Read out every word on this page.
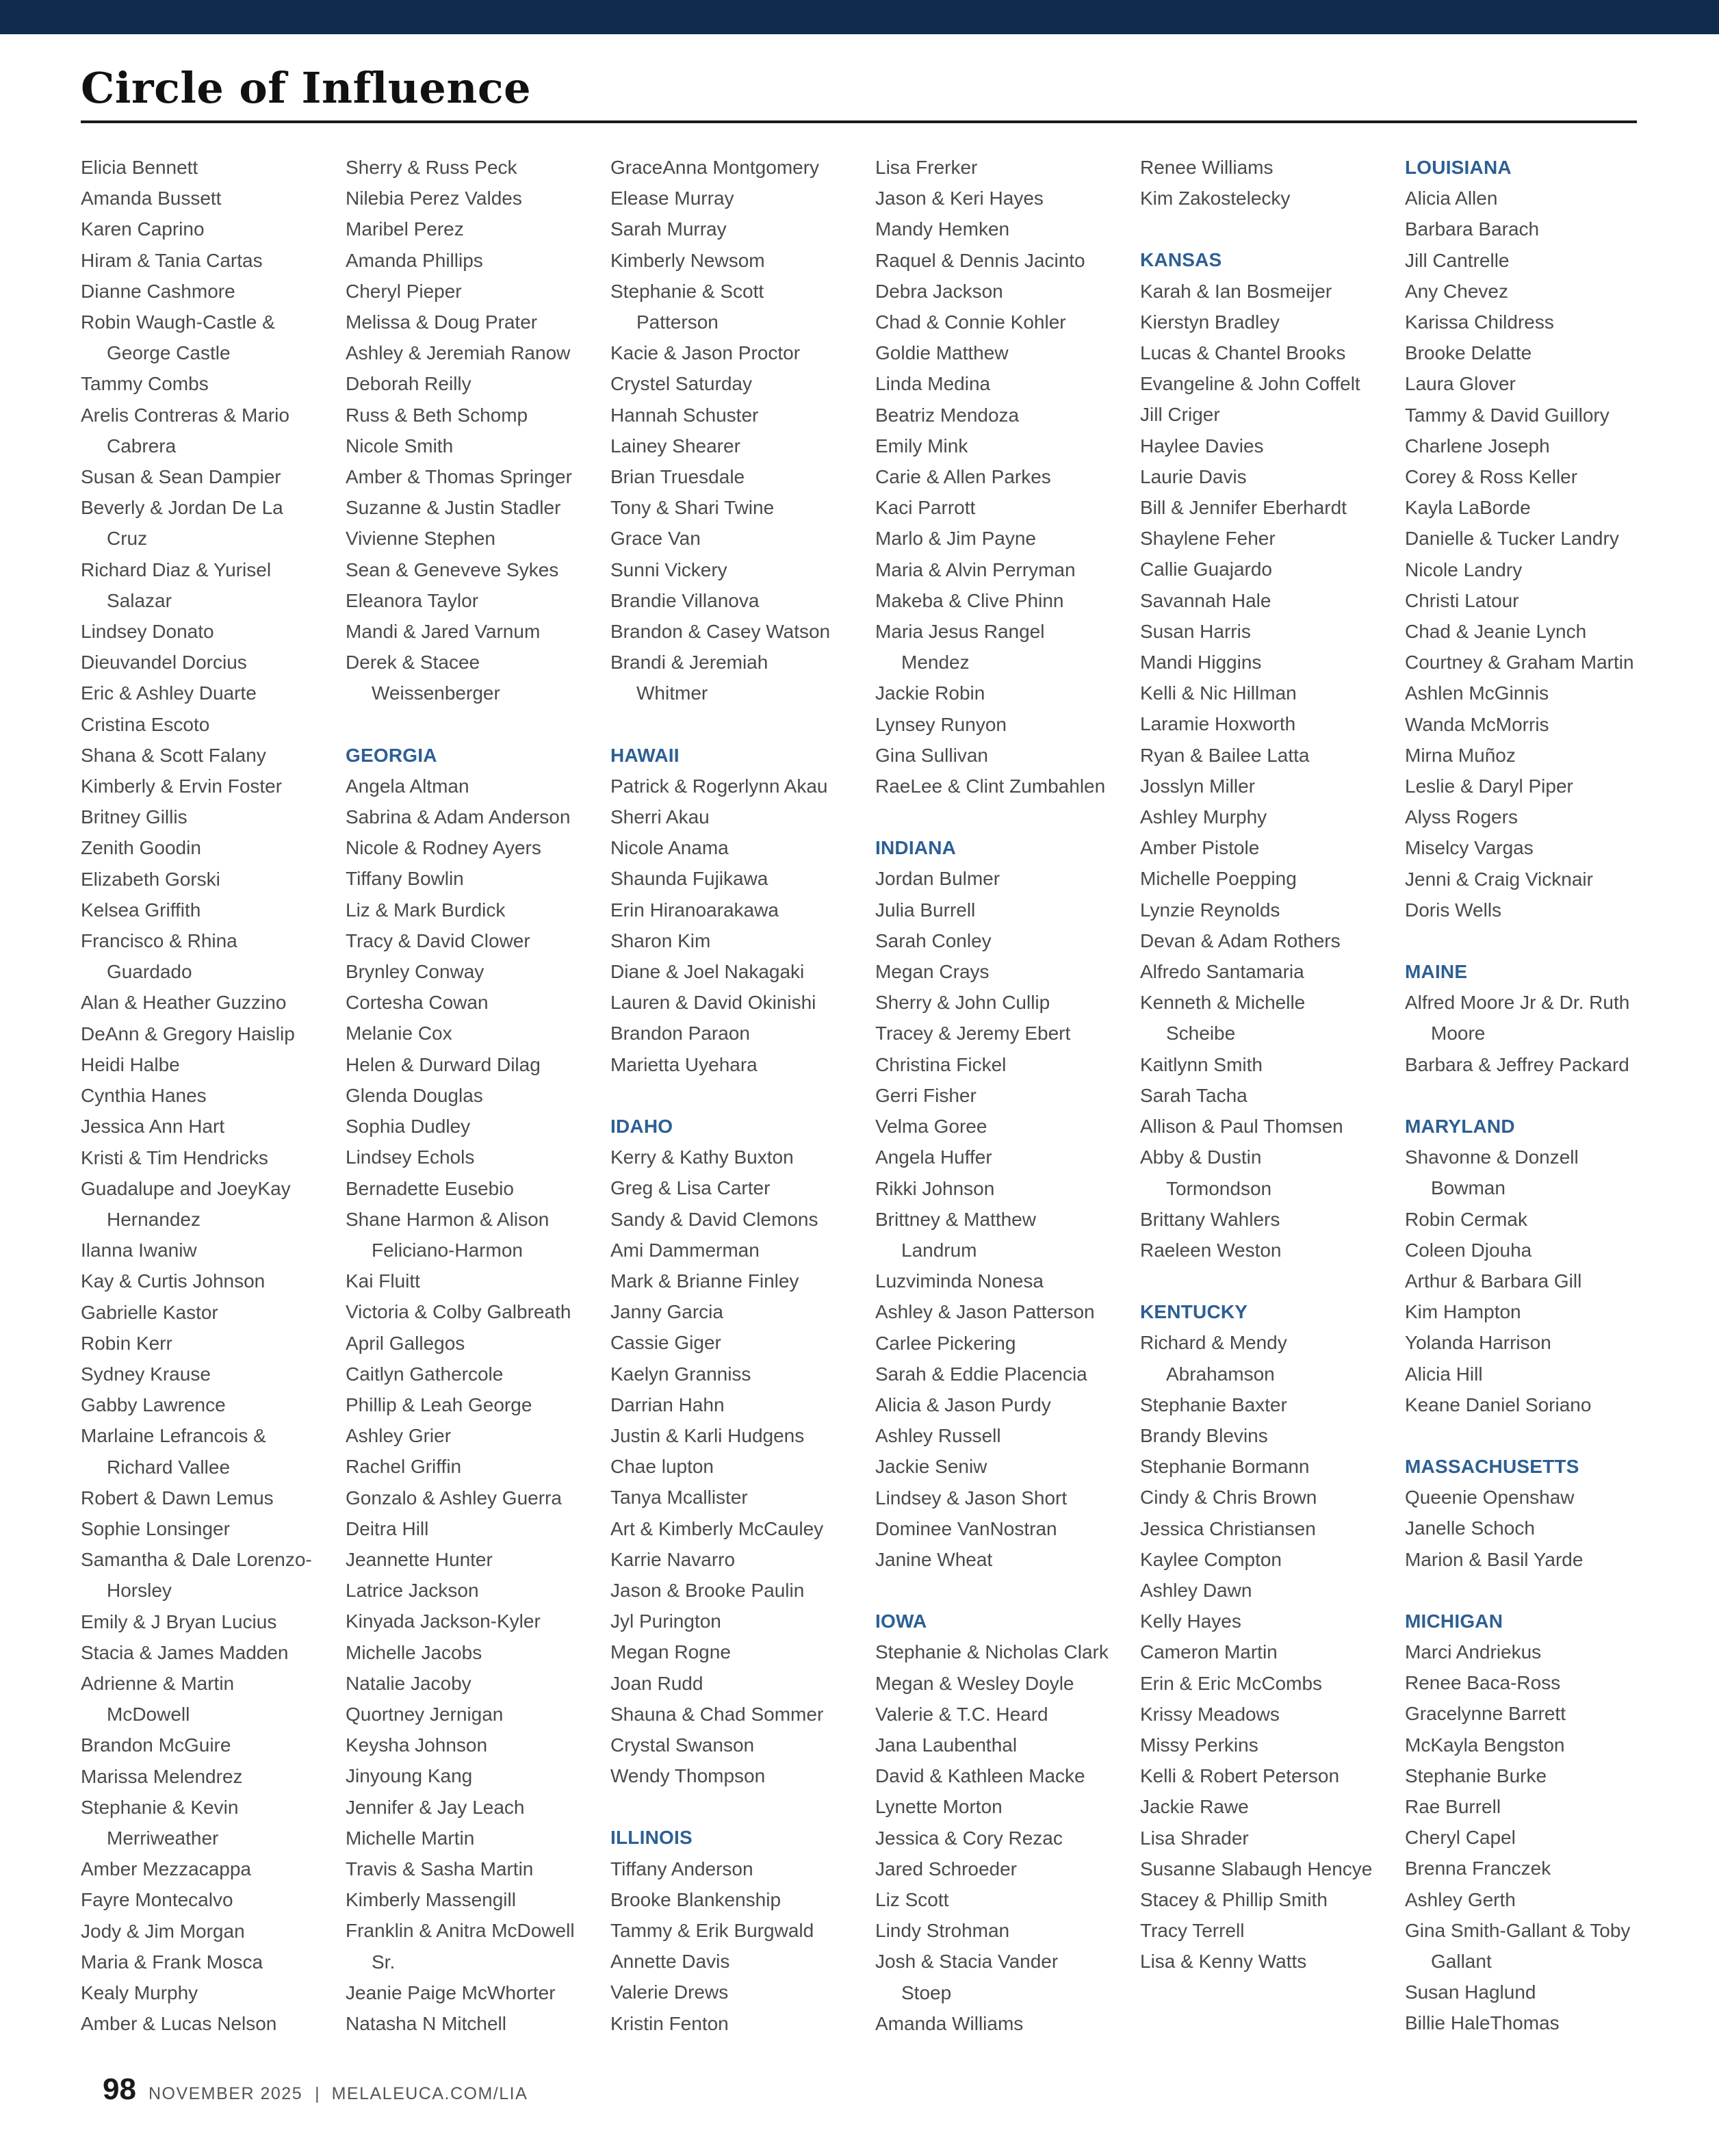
Circle of Influence
Elicia Bennett
Amanda Bussett
Karen Caprino
Hiram & Tania Cartas
Dianne Cashmore
Robin Waugh-Castle &
George Castle
Tammy Combs
Arelis Contreras & Mario
Cabrera
Susan & Sean Dampier
Beverly & Jordan De La
Cruz
Richard Diaz & Yurisel
Salazar
Lindsey Donato
Dieuvandel Dorcius
Eric & Ashley Duarte
Cristina Escoto
Shana & Scott Falany
Kimberly & Ervin Foster
Britney Gillis
Zenith Goodin
Elizabeth Gorski
Kelsea Griffith
Francisco & Rhina
Guardado
Alan & Heather Guzzino
DeAnn & Gregory Haislip
Heidi Halbe
Cynthia Hanes
Jessica Ann Hart
Kristi & Tim Hendricks
Guadalupe and JoeyKay
Hernandez
Ilanna Iwaniw
Kay & Curtis Johnson
Gabrielle Kastor
Robin Kerr
Sydney Krause
Gabby Lawrence
Marlaine Lefrancois &
Richard Vallee
Robert & Dawn Lemus
Sophie Lonsinger
Samantha & Dale Lorenzo-
Horsley
Emily & J Bryan Lucius
Stacia & James Madden
Adrienne & Martin
McDowell
Brandon McGuire
Marissa Melendrez
Stephanie & Kevin
Merriweather
Amber Mezzacappa
Fayre Montecalvo
Jody & Jim Morgan
Maria & Frank Mosca
Kealy Murphy
Amber & Lucas Nelson
Sherry & Russ Peck
Nilebia Perez Valdes
Maribel Perez
Amanda Phillips
Cheryl Pieper
Melissa & Doug Prater
Ashley & Jeremiah Ranow
Deborah Reilly
Russ & Beth Schomp
Nicole Smith
Amber & Thomas Springer
Suzanne & Justin Stadler
Vivienne Stephen
Sean & Geneveve Sykes
Eleanora Taylor
Mandi & Jared Varnum
Derek & Stacee
Weissenberger
GEORGIA
Angela Altman
Sabrina & Adam Anderson
Nicole & Rodney Ayers
Tiffany Bowlin
Liz & Mark Burdick
Tracy & David Clower
Brynley Conway
Cortesha Cowan
Melanie Cox
Helen & Durward Dilag
Glenda Douglas
Sophia Dudley
Lindsey Echols
Bernadette Eusebio
Shane Harmon & Alison
Feliciano-Harmon
Kai Fluitt
Victoria & Colby Galbreath
April Gallegos
Caitlyn Gathercole
Phillip & Leah George
Ashley Grier
Rachel Griffin
Gonzalo & Ashley Guerra
Deitra Hill
Jeannette Hunter
Latrice Jackson
Kinyada Jackson-Kyler
Michelle Jacobs
Natalie Jacoby
Quortney Jernigan
Keysha Johnson
Jinyoung Kang
Jennifer & Jay Leach
Michelle Martin
Travis & Sasha Martin
Kimberly Massengill
Franklin & Anitra McDowell
Sr.
Jeanie Paige McWhorter
Natasha N Mitchell
GraceAnna Montgomery
Elease Murray
Sarah Murray
Kimberly Newsom
Stephanie & Scott
Patterson
Kacie & Jason Proctor
Crystel Saturday
Hannah Schuster
Lainey Shearer
Brian Truesdale
Tony & Shari Twine
Grace Van
Sunni Vickery
Brandie Villanova
Brandon & Casey Watson
Brandi & Jeremiah
Whitmer
HAWAII
Patrick & Rogerlynn Akau
Sherri Akau
Nicole Anama
Shaunda Fujikawa
Erin Hiranoarakawa
Sharon Kim
Diane & Joel Nakagaki
Lauren & David Okinishi
Brandon Paraon
Marietta Uyehara
IDAHO
Kerry & Kathy Buxton
Greg & Lisa Carter
Sandy & David Clemons
Ami Dammerman
Mark & Brianne Finley
Janny Garcia
Cassie Giger
Kaelyn Granniss
Darrian Hahn
Justin & Karli Hudgens
Chae lupton
Tanya Mcallister
Art & Kimberly McCauley
Karrie Navarro
Jason & Brooke Paulin
Jyl Purington
Megan Rogne
Joan Rudd
Shauna & Chad Sommer
Crystal Swanson
Wendy Thompson
ILLINOIS
Tiffany Anderson
Brooke Blankenship
Tammy & Erik Burgwald
Annette Davis
Valerie Drews
Kristin Fenton
Lisa Frerker
Jason & Keri Hayes
Mandy Hemken
Raquel & Dennis Jacinto
Debra Jackson
Chad & Connie Kohler
Goldie Matthew
Linda Medina
Beatriz Mendoza
Emily Mink
Carie & Allen Parkes
Kaci Parrott
Marlo & Jim Payne
Maria & Alvin Perryman
Makeba & Clive Phinn
Maria Jesus Rangel
Mendez
Jackie Robin
Lynsey Runyon
Gina Sullivan
RaeLee & Clint Zumbahlen
INDIANA
Jordan Bulmer
Julia Burrell
Sarah Conley
Megan Crays
Sherry & John Cullip
Tracey & Jeremy Ebert
Christina Fickel
Gerri Fisher
Velma Goree
Angela Huffer
Rikki Johnson
Brittney & Matthew
Landrum
Luzviminda Nonesa
Ashley & Jason Patterson
Carlee Pickering
Sarah & Eddie Placencia
Alicia & Jason Purdy
Ashley Russell
Jackie Seniw
Lindsey & Jason Short
Dominee VanNostran
Janine Wheat
IOWA
Stephanie & Nicholas Clark
Megan & Wesley Doyle
Valerie & T.C. Heard
Jana Laubenthal
David & Kathleen Macke
Lynette Morton
Jessica & Cory Rezac
Jared Schroeder
Liz Scott
Lindy Strohman
Josh & Stacia Vander
Stoep
Amanda Williams
Renee Williams
Kim Zakostelecky
KANSAS
Karah & Ian Bosmeijer
Kierstyn Bradley
Lucas & Chantel Brooks
Evangeline & John Coffelt
Jill Criger
Haylee Davies
Laurie Davis
Bill & Jennifer Eberhardt
Shaylene Feher
Callie Guajardo
Savannah Hale
Susan Harris
Mandi Higgins
Kelli & Nic Hillman
Laramie Hoxworth
Ryan & Bailee Latta
Josslyn Miller
Ashley Murphy
Amber Pistole
Michelle Poepping
Lynzie Reynolds
Devan & Adam Rothers
Alfredo Santamaria
Kenneth & Michelle
Scheibe
Kaitlynn Smith
Sarah Tacha
Allison & Paul Thomsen
Abby & Dustin
Tormondson
Brittany Wahlers
Raeleen Weston
KENTUCKY
Richard & Mendy
Abrahamson
Stephanie Baxter
Brandy Blevins
Stephanie Bormann
Cindy & Chris Brown
Jessica Christiansen
Kaylee Compton
Ashley Dawn
Kelly Hayes
Cameron Martin
Erin & Eric McCombs
Krissy Meadows
Missy Perkins
Kelli & Robert Peterson
Jackie Rawe
Lisa Shrader
Susanne Slabaugh Hencye
Stacey & Phillip Smith
Tracy Terrell
Lisa & Kenny Watts
LOUISIANA
Alicia Allen
Barbara Barach
Jill Cantrelle
Any Chevez
Karissa Childress
Brooke Delatte
Laura Glover
Tammy & David Guillory
Charlene Joseph
Corey & Ross Keller
Kayla LaBorde
Danielle & Tucker Landry
Nicole Landry
Christi Latour
Chad & Jeanie Lynch
Courtney & Graham Martin
Ashlen McGinnis
Wanda McMorris
Mirna Muñoz
Leslie & Daryl Piper
Alyss Rogers
Miselcy Vargas
Jenni & Craig Vicknair
Doris Wells
MAINE
Alfred Moore Jr & Dr. Ruth
Moore
Barbara & Jeffrey Packard
MARYLAND
Shavonne & Donzell
Bowman
Robin Cermak
Coleen Djouha
Arthur & Barbara Gill
Kim Hampton
Yolanda Harrison
Alicia Hill
Keane Daniel Soriano
MASSACHUSETTS
Queenie Openshaw
Janelle Schoch
Marion & Basil Yarde
MICHIGAN
Marci Andriekus
Renee Baca-Ross
Gracelynne Barrett
McKayla Bengston
Stephanie Burke
Rae Burrell
Cheryl Capel
Brenna Franczek
Ashley Gerth
Gina Smith-Gallant & Toby
Gallant
Susan Haglund
Billie HaleThomas
98 NOVEMBER 2025 | MELALEUCA.COM/LIA
